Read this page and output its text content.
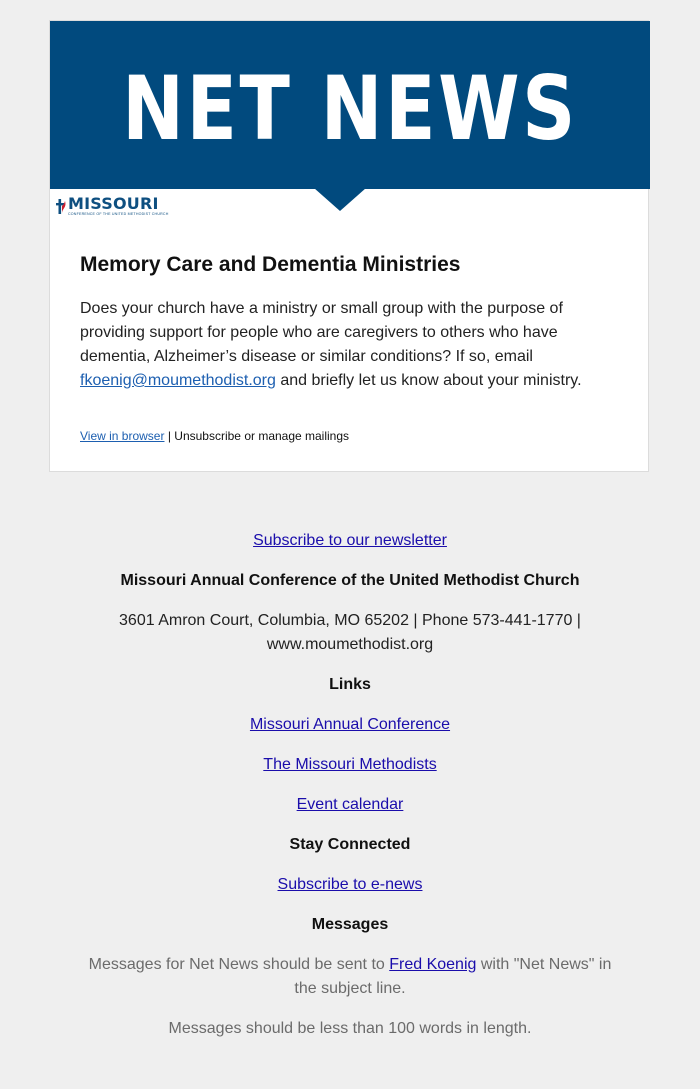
NET NEWS
MISSOURI
CONFERENCE OF THE UNITED METHODIST CHURCH
Memory Care and Dementia Ministries

Does your church have a ministry or small group with the purpose of providing support for people who are caregivers to others who have dementia, Alzheimer’s disease or similar conditions? If so, email fkoenig@moumethodist.org and briefly let us know about your ministry.

View in browser | Unsubscribe or manage mailings

Subscribe to our newsletter

Missouri Annual Conference of the United Methodist Church

3601 Amron Court, Columbia, MO 65202 | Phone 573-441-1770 |

www.moumethodist.org

Links

Missouri Annual Conference

The Missouri Methodists

Event calendar

Stay Connected

Subscribe to e-news

Messages

Messages for Net News should be sent to Fred Koenig with "Net News" in

the subject line.

Messages should be less than 100 words in length.
